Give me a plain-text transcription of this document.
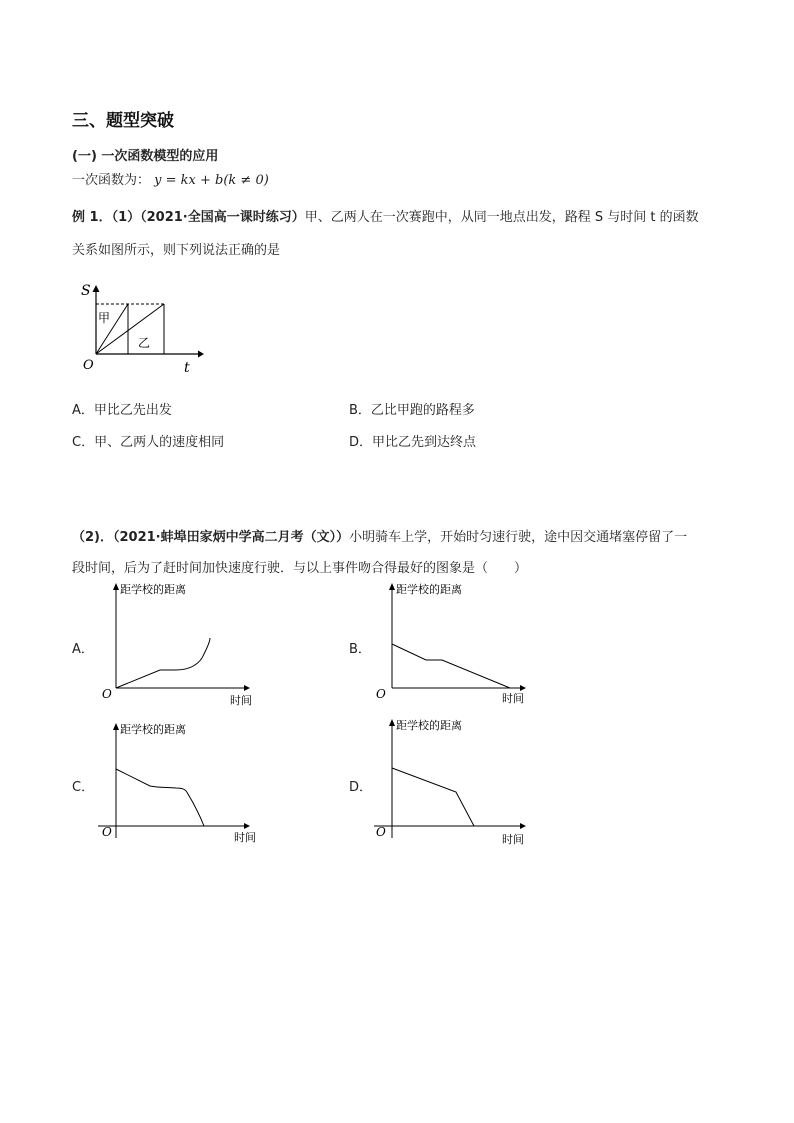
三、题型突破
(一) 一次函数模型的应用
一次函数为： y = kx + b(k ≠ 0)
例 1．（1）（2021·全国高一课时练习）甲、乙两人在一次赛跑中，从同一地点出发，路程 S 与时间 t 的函数
关系如图所示，则下列说法正确的是
S
t
O
甲
乙
A．甲比乙先出发	B．乙比甲跑的路程多
C．甲、乙两人的速度相同	D．甲比乙先到达终点
（2)．（2021·蚌埠田家炳中学高二月考（文））小明骑车上学，开始时匀速行驶，途中因交通堵塞停留了一
段时间，后为了赶时间加快速度行驶．与以上事件吻合得最好的图象是（　　）
A．
距学校的距离
时间
O
B．
距学校的距离
时间
O
C．
距学校的距离
时间
O
D．
距学校的距离
时间
O
